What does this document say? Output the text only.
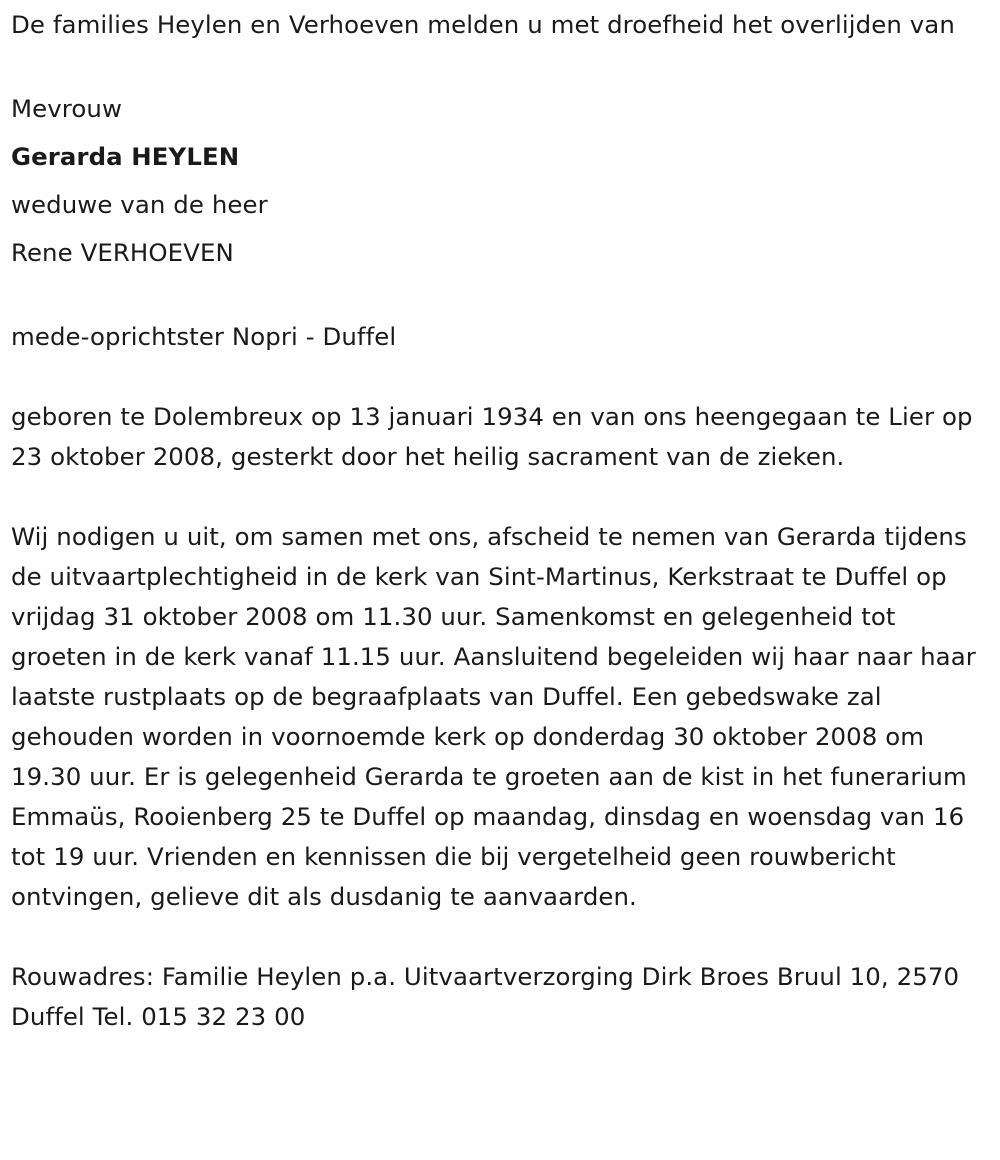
De families Heylen en Verhoeven melden u met droefheid het overlijden van

Mevrouw

Gerarda HEYLEN

weduwe van de heer

Rene VERHOEVEN

mede-oprichtster Nopri - Duffel

geboren te Dolembreux op 13 januari 1934 en van ons heengegaan te Lier op 23 oktober 2008, gesterkt door het heilig sacrament van de zieken.

Wij nodigen u uit, om samen met ons, afscheid te nemen van Gerarda tijdens de uitvaartplechtigheid in de kerk van Sint-Martinus, Kerkstraat te Duffel op vrijdag 31 oktober 2008 om 11.30 uur. Samenkomst en gelegenheid tot groeten in de kerk vanaf 11.15 uur. Aansluitend begeleiden wij haar naar haar laatste rustplaats op de begraafplaats van Duffel. Een gebedswake zal gehouden worden in voornoemde kerk op donderdag 30 oktober 2008 om 19.30 uur. Er is gelegenheid Gerarda te groeten aan de kist in het funerarium Emmaüs, Rooienberg 25 te Duffel op maandag, dinsdag en woensdag van 16 tot 19 uur. Vrienden en kennissen die bij vergetelheid geen rouwbericht ontvingen, gelieve dit als dusdanig te aanvaarden.

Rouwadres: Familie Heylen p.a. Uitvaartverzorging Dirk Broes Bruul 10, 2570 Duffel Tel. 015 32 23 00
